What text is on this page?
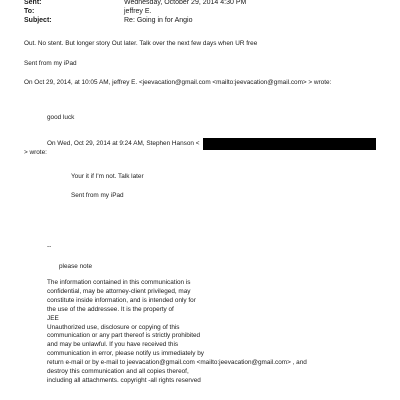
Sent:	Wednesday, October 29, 2014 4:30 PM
To:	jeffrey E.
Subject:	Re: Going in for Angio
Out. No stent. But longer story Out later. Talk over the next few days when UR free
Sent from my iPad
On Oct 29, 2014, at 10:05 AM, jeffrey E. <jeevacation@gmail.com <mailto:jeevacation@gmail.com> > wrote:
good luck
On Wed, Oct 29, 2014 at 9:24 AM, Stephen Hanson <
> wrote:
Your it if I'm not. Talk later
Sent from my iPad
--
please note
The information contained in this communication is
confidential, may be attorney-client privileged, may
constitute inside information, and is intended only for
the use of the addressee. It is the property of
JEE
Unauthorized use, disclosure or copying of this
communication or any part thereof is strictly prohibited
and may be unlawful. If you have received this
communication in error, please notify us immediately by
return e-mail or by e-mail to jeevacation@gmail.com <mailto:jeevacation@gmail.com> , and
destroy this communication and all copies thereof,
including all attachments. copyright -all rights reserved
